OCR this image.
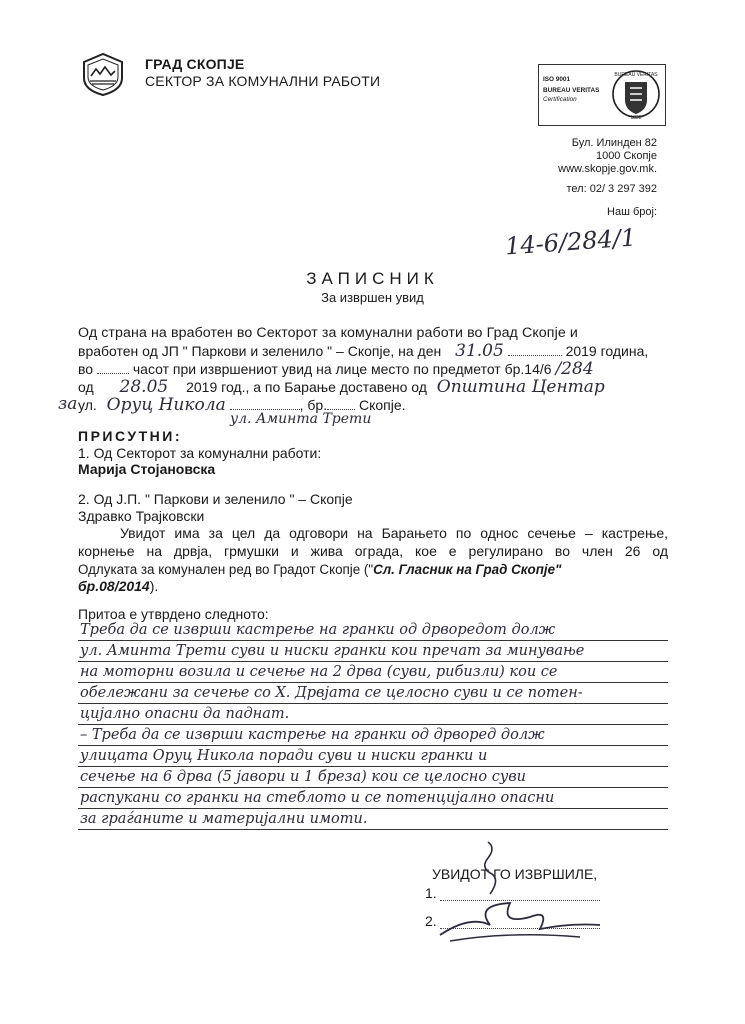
ГРАД СКОПЈЕ
СЕКТОР ЗА КОМУНАЛНИ РАБОТИ	ISO 9001
BUREAU VERITAS
Certification
BUREAU VERITAS
1828
Бул. Илинден 82
1000 Скопје
www.skopje.gov.mk.
тел: 02/ 3 297 392
Наш број:
14-6/284/1
ЗАПИСНИК
За извршен увид
Од страна на вработен во Секторот за комунални работи во Град Скопје и
вработен од ЈП " Паркови и зеленило " – Скопје, на ден 31.05	2019 година,
во	часот при извршениот увид на лице место по предметот бр.14/6 /284
од 28.05 2019 год., а по Барање доставено од Општина Центар
за ул. Оруц Никола	, бр. Скопје.
ул. Аминта Трети
ПРИСУТНИ:
1. Од Секторот за комунални работи:
Марија Стојановска
2. Од Ј.П. " Паркови и зеленило " – Скопје
Здравко Трајковски
Увидот има за цел да одговори на Барањето по однос сечење – кастрење,
корнење на дрвја, грмушки и жива ограда, кое е регулирано во член 26 од
Одлуката за комунален ред во Градот Скопје ("Сл. Гласник на Град Скопје"
бр.08/2014).
Притоа е утврдено следното:
Треба да се изврши кастрење на гранки од дрворедот долж
ул. Аминта Трети суви и ниски гранки кои пречат за минување
на моторни возила и сечење на 2 дрва (суви, рибизли) кои се
обележани за сечење со Х. Дрвјата се целосно суви и се потен-
цијално опасни да паднат.
– Треба да се изврши кастрење на гранки од дрворед долж
улицата Оруц Никола поради суви и ниски гранки и
сечење на 6 дрва (5 јавори и 1 бреза) кои се целосно суви
распукани со гранки на стеблото и се потенцијално опасни
за граѓаните и материјални имоти.
УВИДОТ ГО ИЗВРШИЛЕ,
1.
2.
